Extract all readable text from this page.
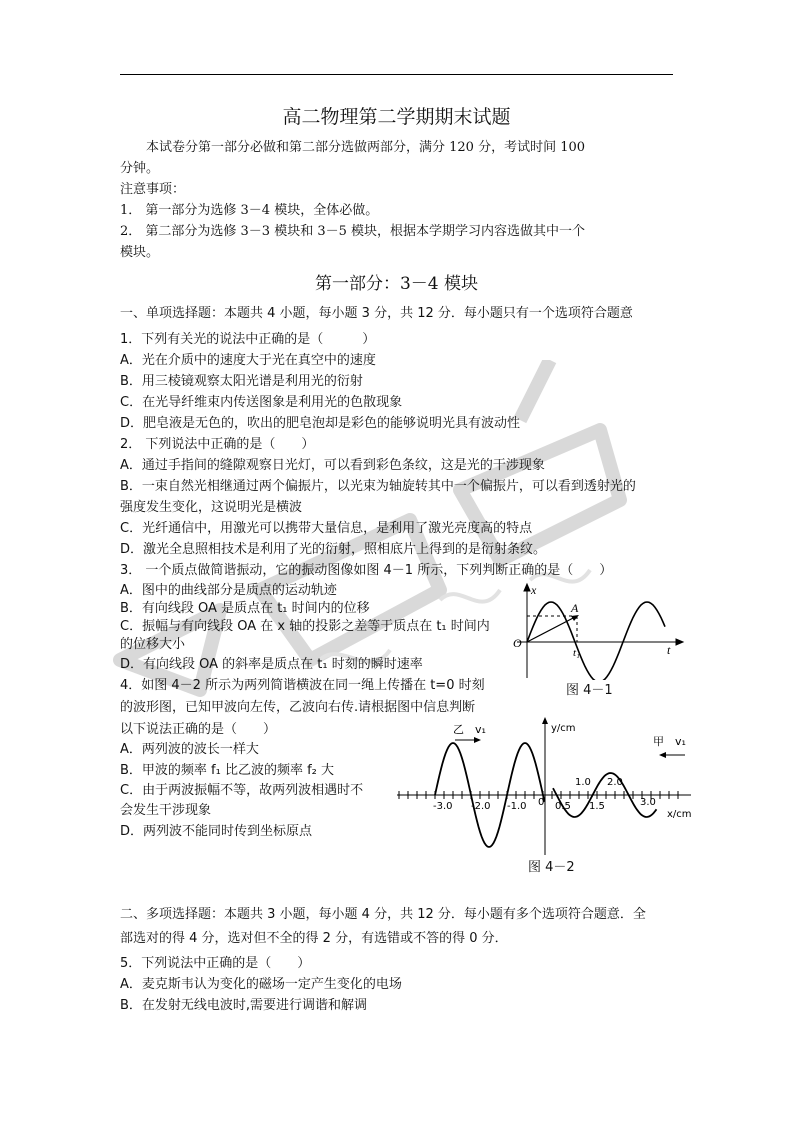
高二物理第二学期期末试题
本试卷分第一部分必做和第二部分选做两部分，满分 120 分，考试时间 100
分钟。
注意事项：
1． 第一部分为选修 3－4 模块，全体必做。
2． 第二部分为选修 3－3 模块和 3－5 模块，根据本学期学习内容选做其中一个
模块。
第一部分：3－4 模块
一、单项选择题：本题共 4 小题，每小题 3 分，共 12 分．每小题只有一个选项符合题意
1．下列有关光的说法中正确的是（　　　）
A．光在介质中的速度大于光在真空中的速度
B．用三棱镜观察太阳光谱是利用光的衍射
C．在光导纤维束内传送图象是利用光的色散现象
D．肥皂液是无色的，吹出的肥皂泡却是彩色的能够说明光具有波动性
2． 下列说法中正确的是（　　）
A．通过手指间的缝隙观察日光灯，可以看到彩色条纹，这是光的干涉现象
B．一束自然光相继通过两个偏振片，以光束为轴旋转其中一个偏振片，可以看到透射光的
强度发生变化，这说明光是横波
C．光纤通信中，用激光可以携带大量信息，是利用了激光亮度高的特点
D．激光全息照相技术是利用了光的衍射，照相底片上得到的是衍射条纹。
3． 一个质点做简谐振动，它的振动图像如图 4－1 所示，下列判断正确的是（　　）
A．图中的曲线部分是质点的运动轨迹
B．有向线段 OA 是质点在 t₁ 时间内的位移
C．振幅与有向线段 OA 在 x 轴的投影之差等于质点在 t₁ 时间内
的位移大小
D．有向线段 OA 的斜率是质点在 t₁ 时刻的瞬时速率
4．如图 4－2 所示为两列简谐横波在同一绳上传播在 t=0 时刻
的波形图，已知甲波向左传，乙波向右传.请根据图中信息判断
以下说法正确的是（　　）
A．两列波的波长一样大
B．甲波的频率 f₁ 比乙波的频率 f₂ 大
C．由于两波振幅不等，故两列波相遇时不
会发生干涉现象
D．两列波不能同时传到坐标原点
二、多项选择题：本题共 3 小题，每小题 4 分，共 12 分．每小题有多个选项符合题意．全
部选对的得 4 分，选对但不全的得 2 分，有选错或不答的得 0 分．
5．下列说法中正确的是（　　）
A．麦克斯韦认为变化的磁场一定产生变化的电场
B．在发射无线电波时,需要进行调谐和解调
x
O
A
t₁	t
图 4－1
乙　v₁
甲　v₁
y/cm
x/cm
-3.0 -2.0 -1.0 0 0.5
1.0
1.5
2.0
3.0
图 4－2
